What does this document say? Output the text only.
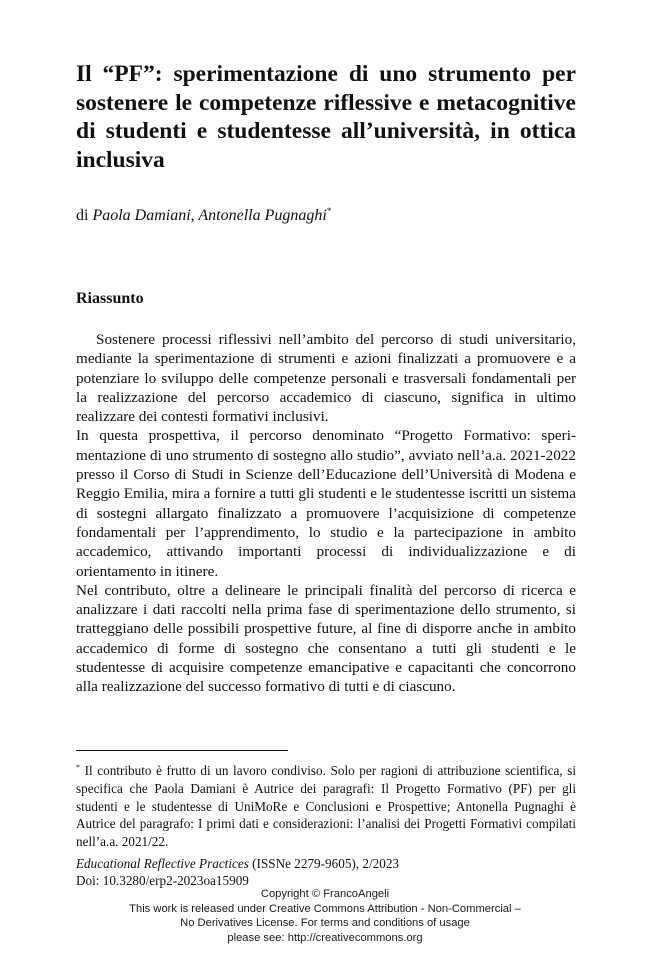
Il “PF”: sperimentazione di uno strumento per sostenere le competenze riflessive e metacognitive di studenti e studentesse all’università, in ottica inclusiva
di Paola Damiani, Antonella Pugnaghi*
Riassunto

Sostenere processi riflessivi nell’ambito del percorso di studi universitario, mediante la sperimentazione di strumenti e azioni finalizzati a promuovere e a potenziare lo sviluppo delle competenze personali e trasversali fondamentali per la realizzazione del percorso accademico di ciascuno, significa in ultimo realizzare dei contesti formativi inclusivi.

In questa prospettiva, il percorso denominato “Progetto Formativo: sperimentazione di uno strumento di sostegno allo studio”, avviato nell’a.a. 2021-2022 presso il Corso di Studi in Scienze dell’Educazione dell’Università di Modena e Reggio Emilia, mira a fornire a tutti gli studenti e le studentesse iscritti un sistema di sostegni allargato finalizzato a promuovere l’acquisizione di competenze fondamentali per l’apprendimento, lo studio e la partecipazione in ambito accademico, attivando importanti processi di individualizzazione e di orientamento in itinere.

Nel contributo, oltre a delineare le principali finalità del percorso di ricerca e analizzare i dati raccolti nella prima fase di sperimentazione dello strumento, si tratteggiano delle possibili prospettive future, al fine di disporre anche in ambito accademico di forme di sostegno che consentano a tutti gli studenti e le studentesse di acquisire competenze emancipative e capacitanti che concorrono alla realizzazione del successo formativo di tutti e di ciascuno.

* Il contributo è frutto di un lavoro condiviso. Solo per ragioni di attribuzione scientifica, si specifica che Paola Damiani è Autrice dei paragrafi: Il Progetto Formativo (PF) per gli studenti e le studentesse di UniMoRe e Conclusioni e Prospettive; Antonella Pugnaghi è Autrice del paragrafo: I primi dati e considerazioni: l’analisi dei Progetti Formativi compilati nell’a.a. 2021/22.
Educational Reflective Practices (ISSNe 2279-9605), 2/2023
Doi: 10.3280/erp2-2023oa15909
Copyright © FrancoAngeli
This work is released under Creative Commons Attribution - Non-Commercial –
No Derivatives License. For terms and conditions of usage
please see: http://creativecommons.org
